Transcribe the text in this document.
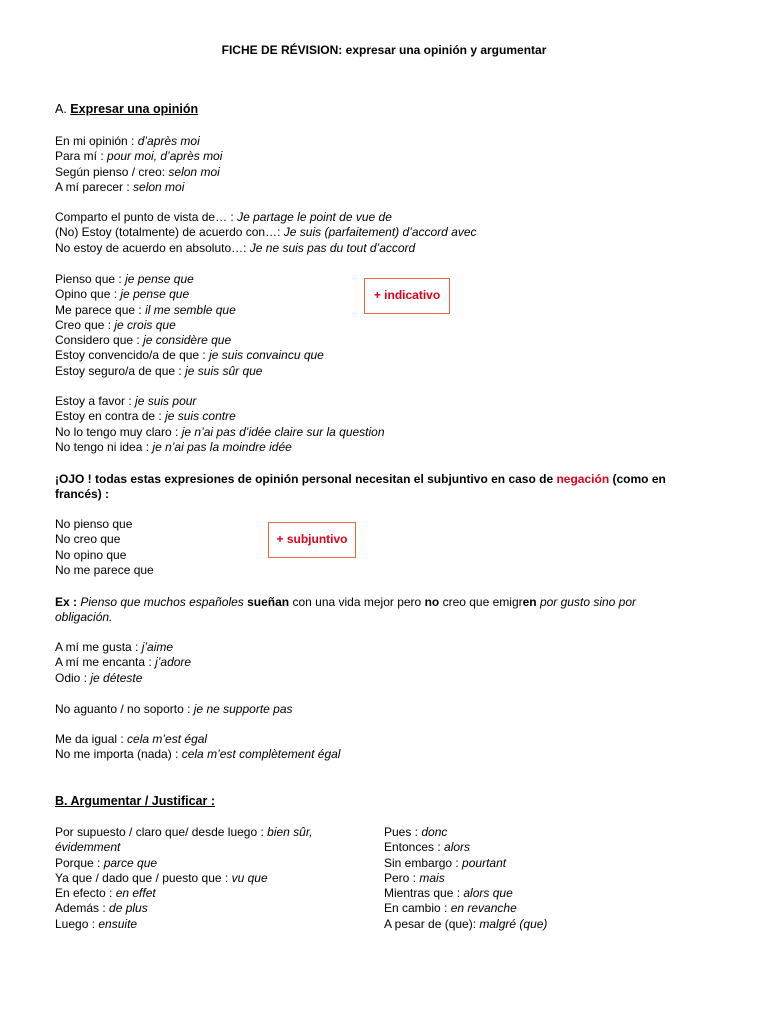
FICHE DE RÉVISION: expresar una opinión y argumentar
A. Expresar una opinión
En mi opinión : d’après moi
Para mí : pour moi, d’après moi
Según pienso / creo: selon moi
A mí parecer : selon moi
Comparto el punto de vista de… : Je partage le point de vue de
(No) Estoy (totalmente) de acuerdo con…: Je suis (parfaitement) d’accord avec
No estoy de acuerdo en absoluto…: Je ne suis pas du tout d’accord
Pienso que : je pense que
Opino que : je pense que
Me parece que : il me semble que
Creo que : je crois que
Considero que : je considère que
Estoy convencido/a de que : je suis convaincu que
Estoy seguro/a de que : je suis sûr que
+ indicativo
Estoy a favor : je suis pour
Estoy en contra de : je suis contre
No lo tengo muy claro : je n’ai pas d’idée claire sur la question
No tengo ni idea : je n’ai pas la moindre idée
¡OJO ! todas estas expresiones de opinión personal necesitan el subjuntivo en caso de negación (como en francés) :
No pienso que
No creo que
No opino que
No me parece que
+ subjuntivo
Ex : Pienso que muchos españoles sueñan con una vida mejor pero no creo que emigren por gusto sino por obligación.
A mí me gusta : j’aime
A mí me encanta : j’adore
Odio : je déteste
No aguanto / no soporto : je ne supporte pas
Me da igual : cela m’est égal
No me importa (nada) : cela m’est complètement égal
B. Argumentar / Justificar :
Por supuesto / claro que/ desde luego : bien sûr,
évidemment
Porque : parce que
Ya que / dado que / puesto que : vu que
En efecto : en effet
Además : de plus
Luego : ensuite
Pues : donc
Entonces : alors
Sin embargo : pourtant
Pero : mais
Mientras que : alors que
En cambio : en revanche
A pesar de (que): malgré (que)
